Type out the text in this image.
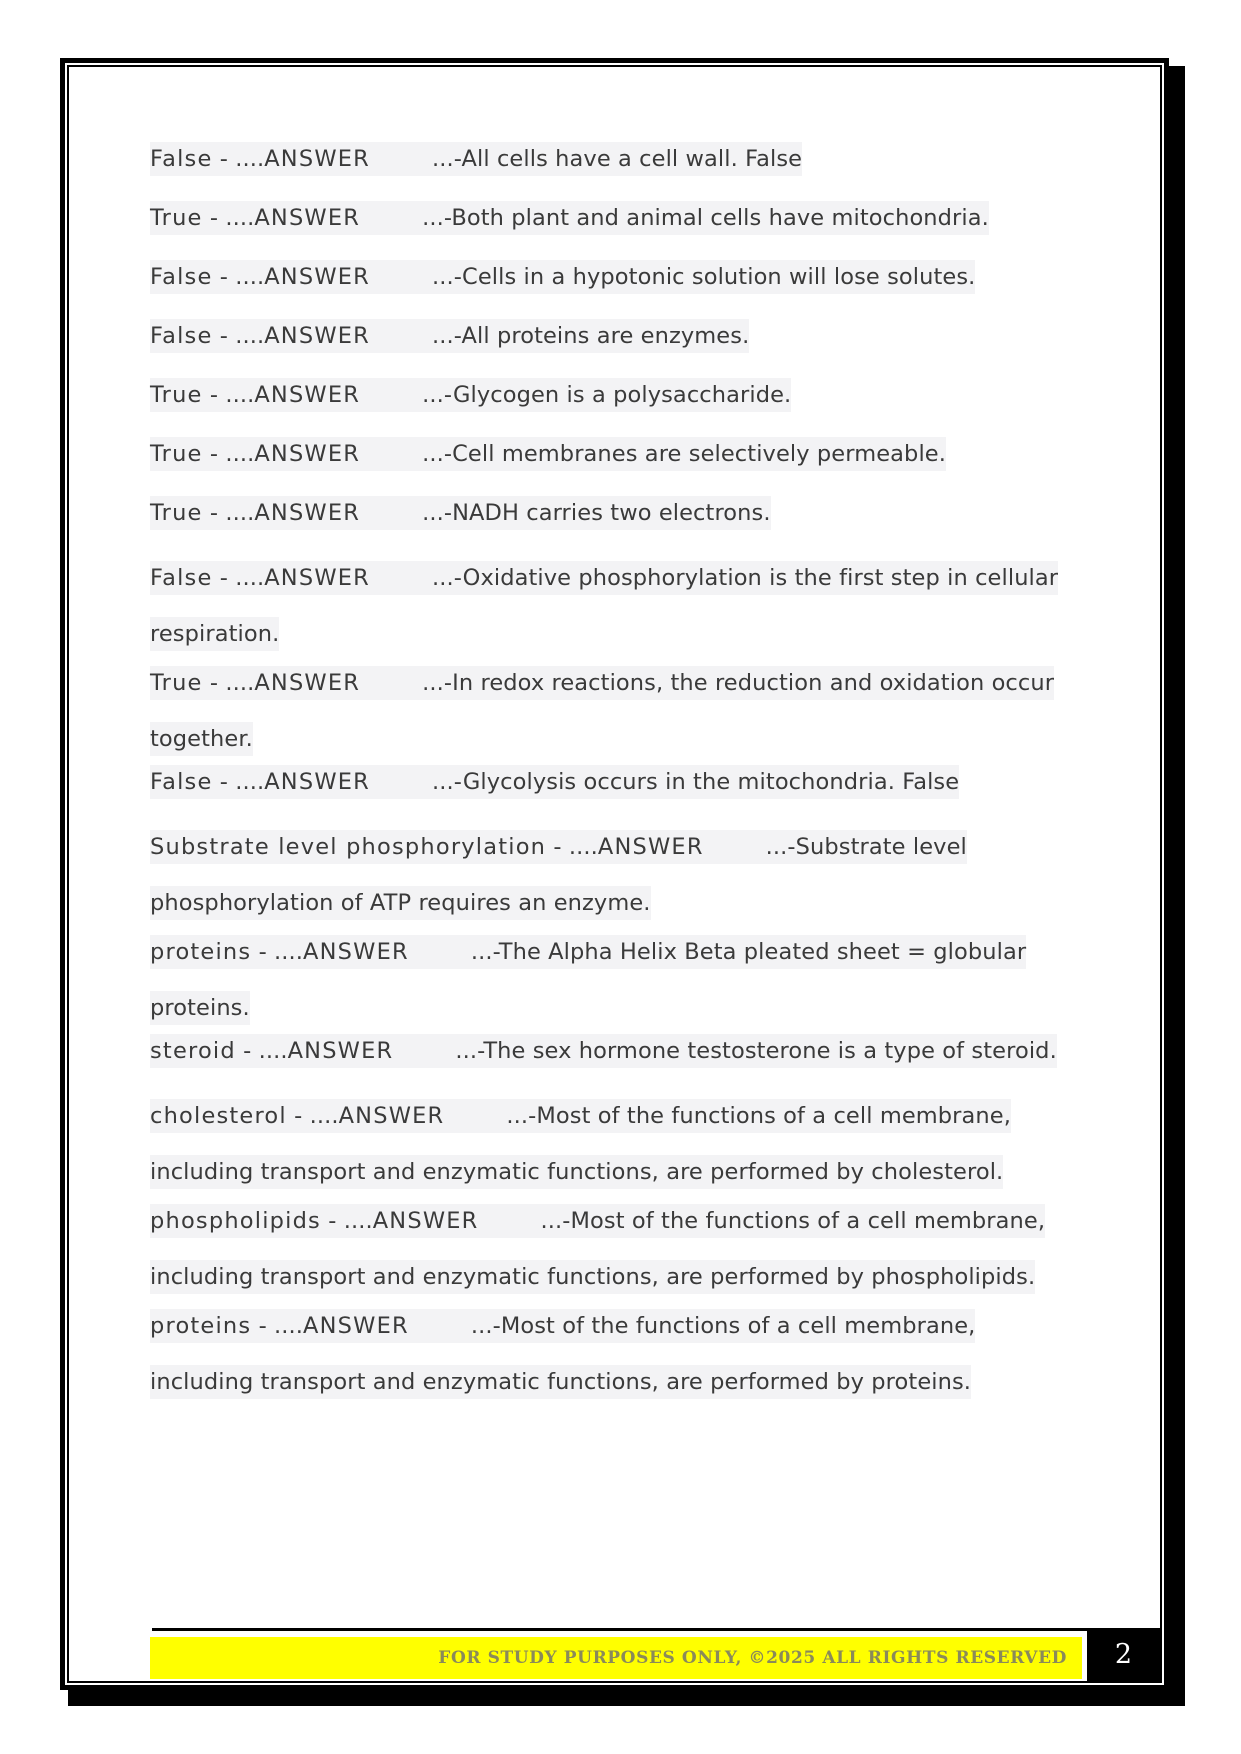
False - ....ANSWER	...-All cells have a cell wall. False
True - ....ANSWER	...-Both plant and animal cells have mitochondria.
False - ....ANSWER	...-Cells in a hypotonic solution will lose solutes.
False - ....ANSWER	...-All proteins are enzymes.
True - ....ANSWER	...-Glycogen is a polysaccharide.
True - ....ANSWER	...-Cell membranes are selectively permeable.
True - ....ANSWER	...-NADH carries two electrons.
False - ....ANSWER	...-Oxidative phosphorylation is the first step in cellular respiration.
True - ....ANSWER	...-In redox reactions, the reduction and oxidation occur together.
False - ....ANSWER	...-Glycolysis occurs in the mitochondria. False
Substrate level phosphorylation - ....ANSWER	...-Substrate level phosphorylation of ATP requires an enzyme.
proteins - ....ANSWER	...-The Alpha Helix Beta pleated sheet = globular proteins.
steroid - ....ANSWER	...-The sex hormone testosterone is a type of steroid.
cholesterol - ....ANSWER	...-Most of the functions of a cell membrane, including transport and enzymatic functions, are performed by cholesterol.
phospholipids - ....ANSWER	...-Most of the functions of a cell membrane, including transport and enzymatic functions, are performed by phospholipids.
proteins - ....ANSWER	...-Most of the functions of a cell membrane, including transport and enzymatic functions, are performed by proteins.
FOR STUDY PURPOSES ONLY, ©2025 ALL RIGHTS RESERVED	2
